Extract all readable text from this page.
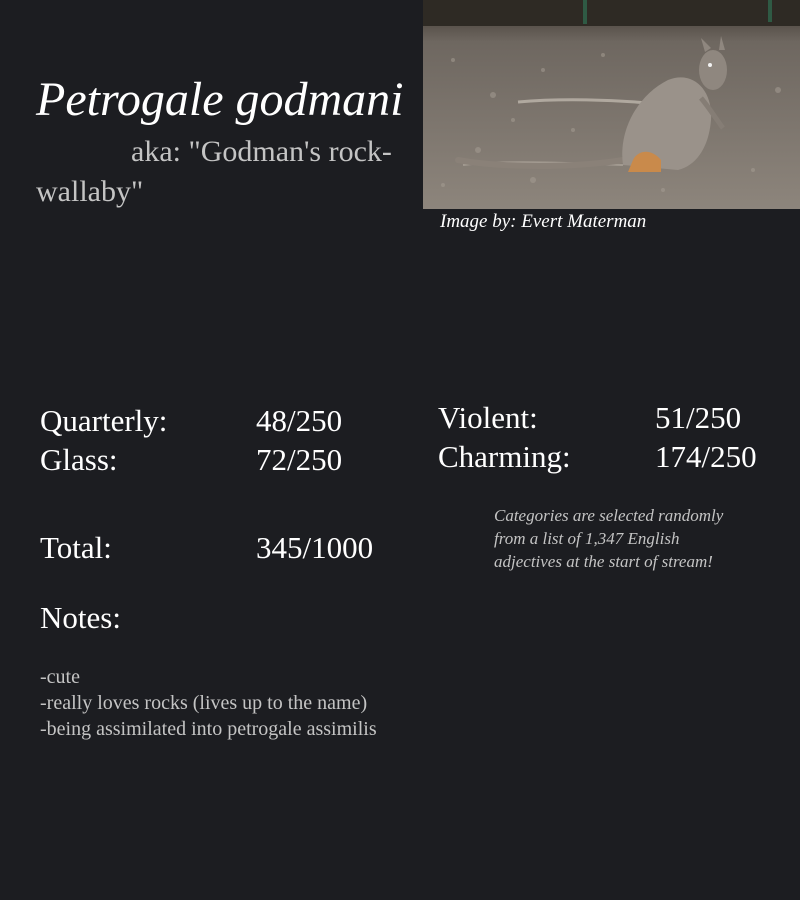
Petrogale godmani
aka: "Godman's rock-wallaby"
Image by: Evert Materman
Quarterly:	48/250
Glass:	72/250
Violent:	51/250
Charming:	174/250
Total:	345/1000
Categories are selected randomly from a list of 1,347 English adjectives at the start of stream!
Notes:
-cute
-really loves rocks (lives up to the name)
-being assimilated into petrogale assimilis
